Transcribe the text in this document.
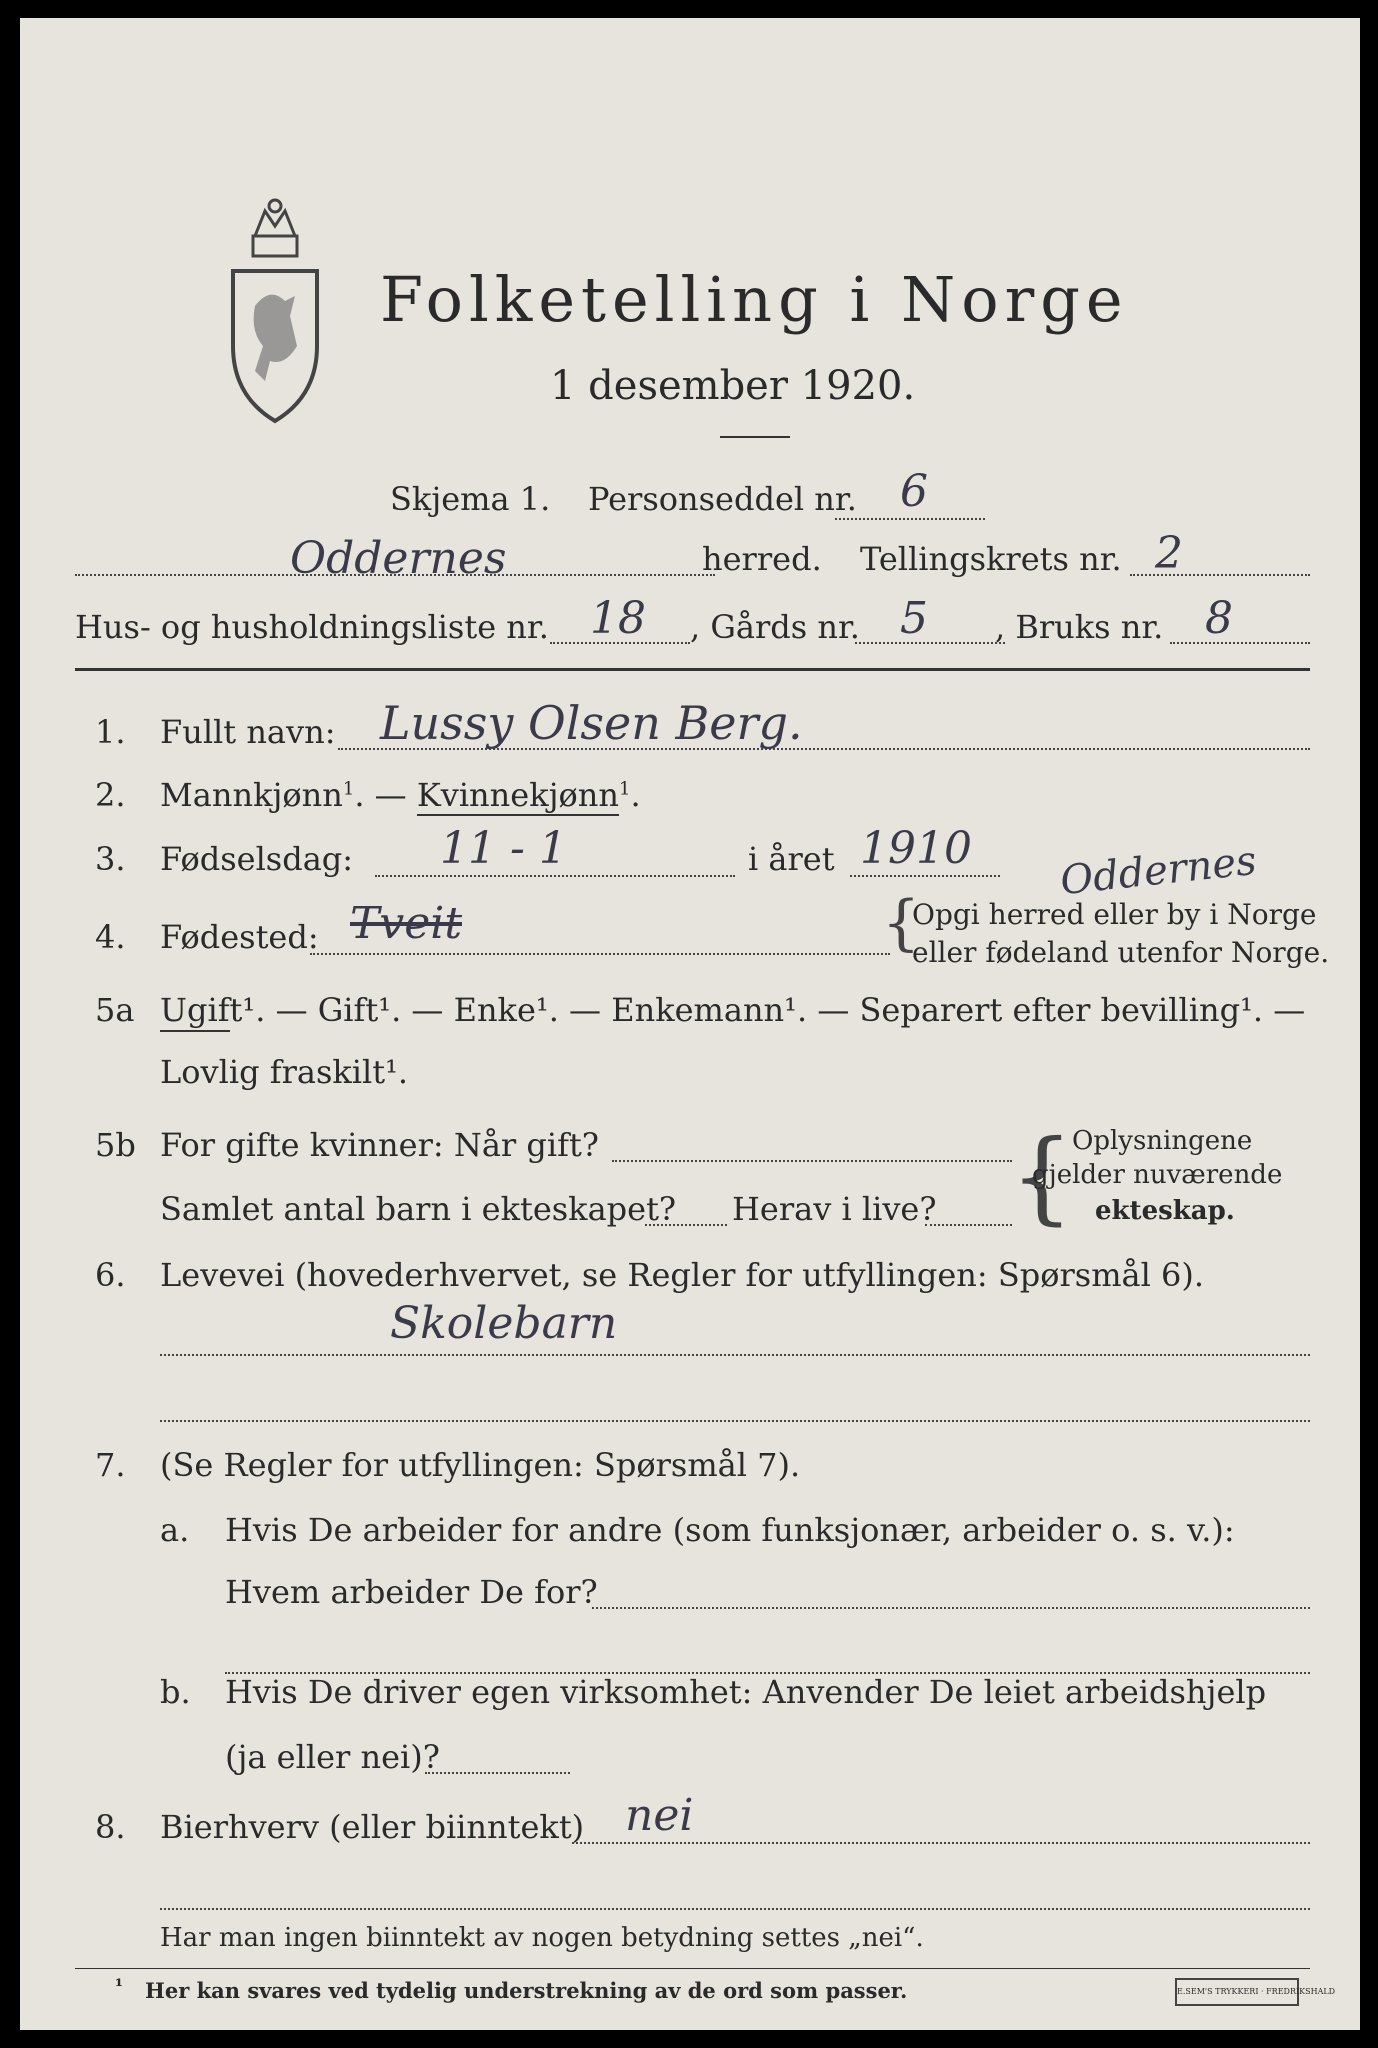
Folketelling i Norge
1 desember 1920.
Skjema 1. Personseddel nr. 6
Oddernes	herred. Tellingskrets nr. 2
Hus- og husholdningsliste nr. 18 , Gårds nr. 5 , Bruks nr. 8
1.	Fullt navn: Lussy Olsen Berg.
2.	Mannkjønn$^1$. — Kvinnekjønn$^1$.
3.	Fødselsdag: 11 - 1	i året 1910 Oddernes
4.	Fødested: Tveit	{
Opgi herred eller by i Norge
eller fødeland utenfor Norge.
5a Ugift¹. — Gift¹. — Enke¹. — Enkemann¹. — Separert efter bevilling¹. —
Lovlig fraskilt¹.
5b For gifte kvinner: Når gift?
Samlet antal barn i ekteskapet? Herav i live? {
Oplysningene
gjelder nuværende
ekteskap.
6.	Levevei (hovederhvervet, se Regler for utfyllingen: Spørsmål 6).
Skolebarn
7.	(Se Regler for utfyllingen: Spørsmål 7).
a. Hvis De arbeider for andre (som funksjonær, arbeider o. s. v.):
Hvem arbeider De for?
b. Hvis De driver egen virksomhet: Anvender De leiet arbeidshjelp
(ja eller nei)?
8.	Bierhverv (eller biinntekt) nei
Har man ingen biinntekt av nogen betydning settes „nei“.
¹ Her kan svares ved tydelig understrekning av de ord som passer.	E.SEM'S TRYKKERI · FREDRIKSHALD
